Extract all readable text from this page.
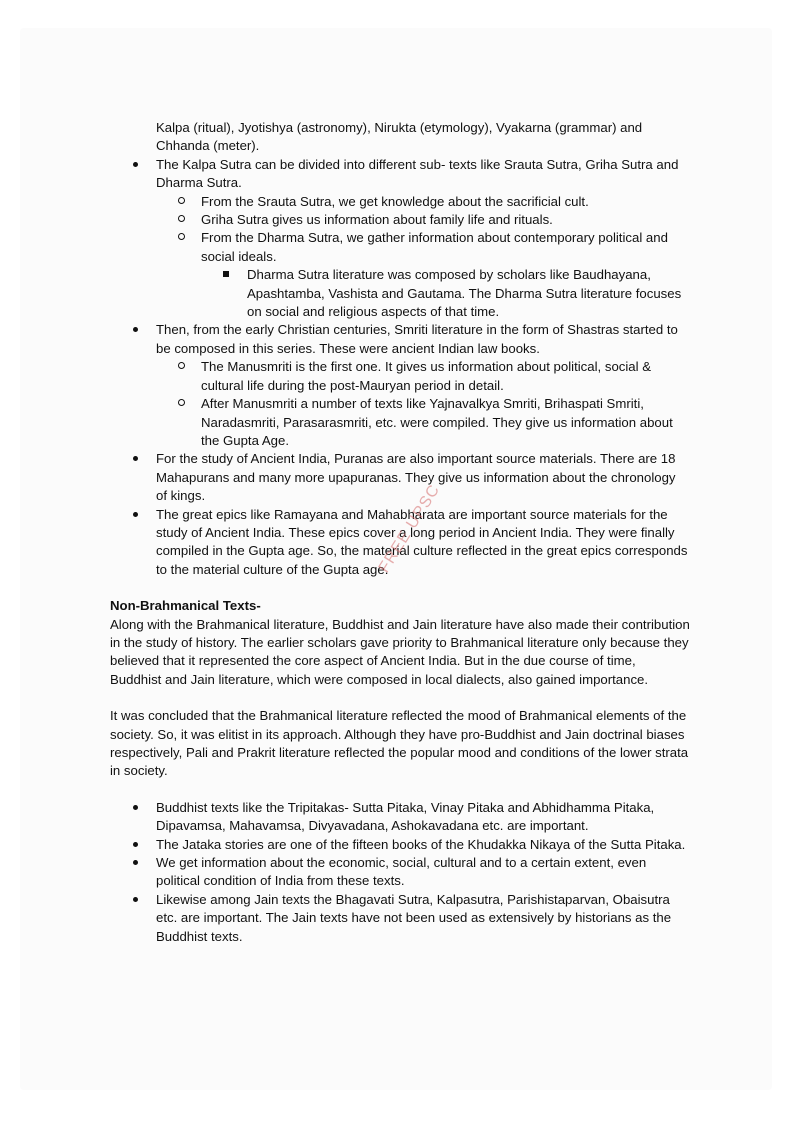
Kalpa (ritual), Jyotishya (astronomy), Nirukta (etymology), Vyakarna (grammar) and Chhanda (meter).

The Kalpa Sutra can be divided into different sub- texts like Srauta Sutra, Griha Sutra and Dharma Sutra.
From the Srauta Sutra, we get knowledge about the sacrificial cult.
Griha Sutra gives us information about family life and rituals.
From the Dharma Sutra, we gather information about contemporary political and social ideals.
Dharma Sutra literature was composed by scholars like Baudhayana, Apashtamba, Vashista and Gautama. The Dharma Sutra literature focuses on social and religious aspects of that time.
Then, from the early Christian centuries, Smriti literature in the form of Shastras started to be composed in this series. These were ancient Indian law books.
The Manusmriti is the first one. It gives us information about political, social & cultural life during the post-Mauryan period in detail.
After Manusmriti a number of texts like Yajnavalkya Smriti, Brihaspati Smriti, Naradasmriti, Parasarasmriti, etc. were compiled. They give us information about the Gupta Age.
For the study of Ancient India, Puranas are also important source materials. There are 18 Mahapurans and many more upapuranas. They give us information about the chronology of kings.
The great epics like Ramayana and Mahabharata are important source materials for the study of Ancient India. These epics cover a long period in Ancient India. They were finally compiled in the Gupta age. So, the material culture reflected in the great epics corresponds to the material culture of the Gupta age.

Non-Brahmanical Texts-

Along with the Brahmanical literature, Buddhist and Jain literature have also made their contribution in the study of history. The earlier scholars gave priority to Brahmanical literature only because they believed that it represented the core aspect of Ancient India. But in the due course of time, Buddhist and Jain literature, which were composed in local dialects, also gained importance.

It was concluded that the Brahmanical literature reflected the mood of Brahmanical elements of the society. So, it was elitist in its approach. Although they have pro-Buddhist and Jain doctrinal biases respectively, Pali and Prakrit literature reflected the popular mood and conditions of the lower strata in society.

Buddhist texts like the Tripitakas- Sutta Pitaka, Vinay Pitaka and Abhidhamma Pitaka, Dipavamsa, Mahavamsa, Divyavadana, Ashokavadana etc. are important.
The Jataka stories are one of the fifteen books of the Khudakka Nikaya of the Sutta Pitaka.
We get information about the economic, social, cultural and to a certain extent, even political condition of India from these texts.
Likewise among Jain texts the Bhagavati Sutra, Kalpasutra, Parishistaparvan, Obaisutra etc. are important. The Jain texts have not been used as extensively by historians as the Buddhist texts.
FREE UPSC
